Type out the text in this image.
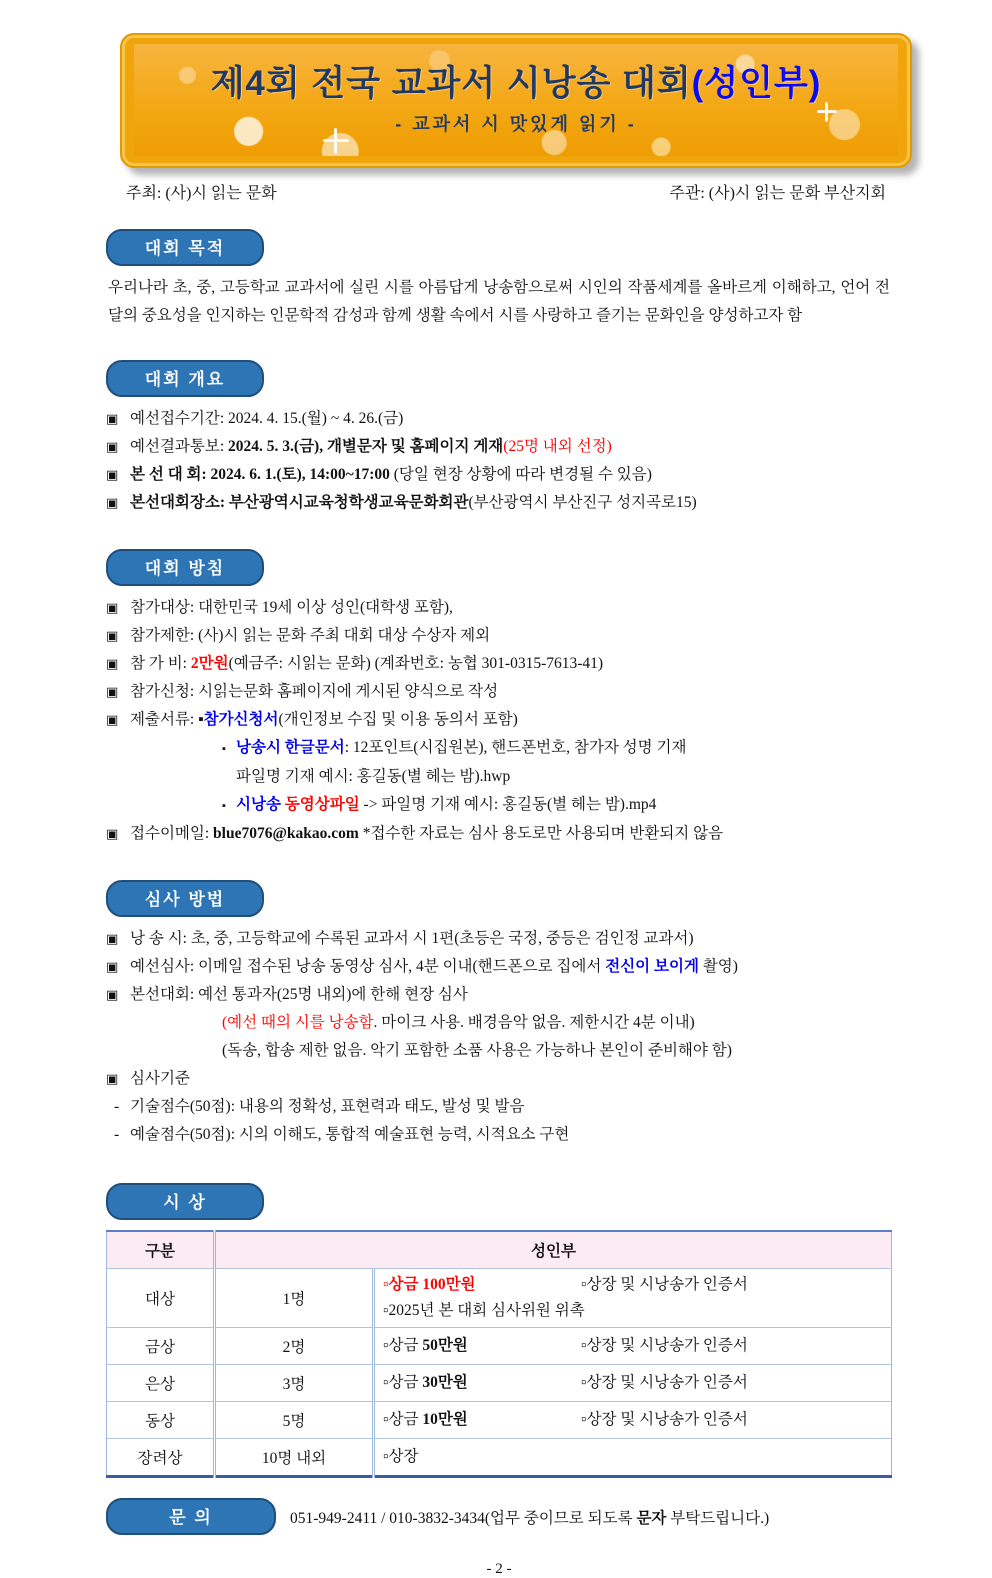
제4회 전국 교과서 시낭송 대회(성인부)
- 교과서 시 맛있게 읽기 -
주최: (사)시 읽는 문화	주관: (사)시 읽는 문화 부산지회
대회 목적
우리나라 초, 중, 고등학교 교과서에 실린 시를 아름답게 낭송함으로써 시인의 작품세계를 올바르게 이해하고, 언어 전달의 중요성을 인지하는 인문학적 감성과 함께 생활 속에서 시를 사랑하고 즐기는 문화인을 양성하고자 함
대회 개요
▣ 예선접수기간: 2024. 4. 15.(월) ~ 4. 26.(금)
▣ 예선결과통보: 2024. 5. 3.(금), 개별문자 및 홈페이지 게재(25명 내외 선정)
▣ 본 선 대 회: 2024. 6. 1.(토), 14:00~17:00 (당일 현장 상황에 따라 변경될 수 있음)
▣ 본선대회장소: 부산광역시교육청학생교육문화회관(부산광역시 부산진구 성지곡로15)
대회 방침
▣ 참가대상: 대한민국 19세 이상 성인(대학생 포함),
▣ 참가제한: (사)시 읽는 문화 주최 대회 대상 수상자 제외
▣ 참 가 비: 2만원(예금주: 시읽는 문화) (계좌번호: 농협 301-0315-7613-41)
▣ 참가신청: 시읽는문화 홈페이지에 게시된 양식으로 작성
▣ 제출서류: ▪참가신청서(개인정보 수집 및 이용 동의서 포함)
▪ 낭송시 한글문서: 12포인트(시집원본), 핸드폰번호, 참가자 성명 기재
파일명 기재 예시: 홍길동(별 헤는 밤).hwp
▪ 시낭송 동영상파일 -> 파일명 기재 예시: 홍길동(별 헤는 밤).mp4
▣ 접수이메일: blue7076@kakao.com *접수한 자료는 심사 용도로만 사용되며 반환되지 않음
심사 방법
▣ 낭 송 시: 초, 중, 고등학교에 수록된 교과서 시 1편(초등은 국정, 중등은 검인정 교과서)
▣ 예선심사: 이메일 접수된 낭송 동영상 심사, 4분 이내(핸드폰으로 집에서 전신이 보이게 촬영)
▣ 본선대회: 예선 통과자(25명 내외)에 한해 현장 심사
(예선 때의 시를 낭송함. 마이크 사용. 배경음악 없음. 제한시간 4분 이내)
(독송, 합송 제한 없음. 악기 포함한 소품 사용은 가능하나 본인이 준비해야 함)
▣ 심사기준
- 기술점수(50점): 내용의 정확성, 표현력과 태도, 발성 및 발음
- 예술점수(50점): 시의 이해도, 통합적 예술표현 능력, 시적요소 구현
시 상
구분	성인부	
대상	1명	▫상금 100만원 ▫상장 및 시낭송가 인증서
▫2025년 본 대회 심사위원 위촉

금상	2명	▫상금 50만원 ▫상장 및 시낭송가 인증서

은상	3명	▫상금 30만원 ▫상장 및 시낭송가 인증서

동상	5명	▫상금 10만원 ▫상장 및 시낭송가 인증서

장려상	10명 내외	▫상장
문 의	051-949-2411 / 010-3832-3434(업무 중이므로 되도록 문자 부탁드립니다.)
- 2 -
